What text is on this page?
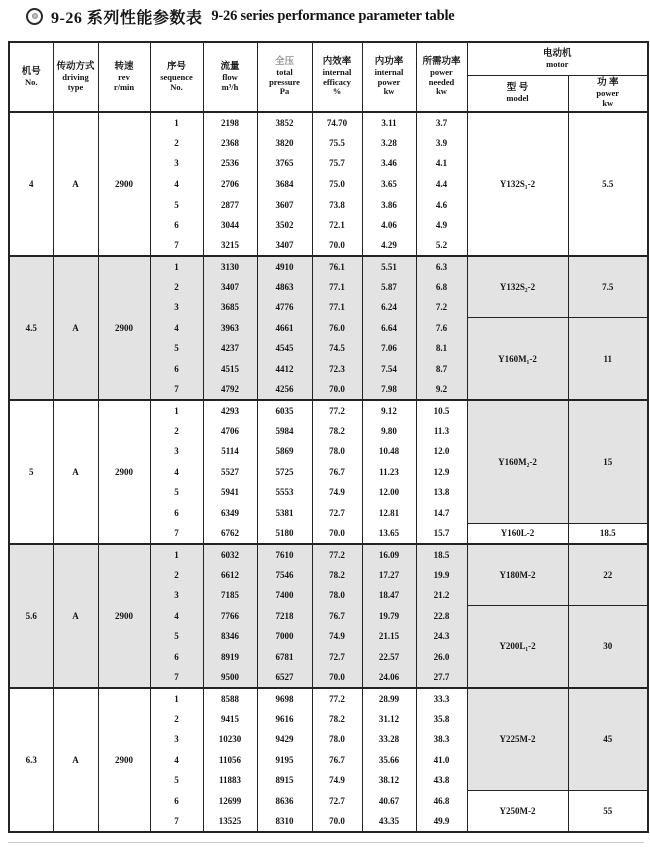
9-26 系列性能参数表 9-26 series performance parameter table
机号
No.

传动方式
driving
type

转速
rev
r/min

序号
sequence
No.

流量
flow
m³/h

全压
total
pressure
Pa

内效率
internal
efficacy
%

内功率
internal
power
kw

所需功率
power
needed
kw

电动机
motor

型 号
model

功 率
power
kw

4	A	2900	1	2198	3852	74.70	3.11	3.7	Y132S₁-2	5.5
			2	2368	3820	75.5	3.28	3.9		
			3	2536	3765	75.7	3.46	4.1		
			4	2706	3684	75.0	3.65	4.4		
			5	2877	3607	73.8	3.86	4.6		
			6	3044	3502	72.1	4.06	4.9		
			7	3215	3407	70.0	4.29	5.2		
4.5	A	2900	1	3130	4910	76.1	5.51	6.3	Y132S₂-2	7.5
			2	3407	4863	77.1	5.87	6.8		
			3	3685	4776	77.1	6.24	7.2		
			4	3963	4661	76.0	6.64	7.6	Y160M₁-2	11
			5	4237	4545	74.5	7.06	8.1		
			6	4515	4412	72.3	7.54	8.7		
			7	4792	4256	70.0	7.98	9.2		
5	A	2900	1	4293	6035	77.2	9.12	10.5	Y160M₂-2	15
			2	4706	5984	78.2	9.80	11.3		
			3	5114	5869	78.0	10.48	12.0		
			4	5527	5725	76.7	11.23	12.9		
			5	5941	5553	74.9	12.00	13.8		
			6	6349	5381	72.7	12.81	14.7		
			7	6762	5180	70.0	13.65	15.7	Y160L-2	18.5
5.6	A	2900	1	6032	7610	77.2	16.09	18.5	Y180M-2	22
			2	6612	7546	78.2	17.27	19.9		
			3	7185	7400	78.0	18.47	21.2		
			4	7766	7218	76.7	19.79	22.8	Y200L₁-2	30
			5	8346	7000	74.9	21.15	24.3		
			6	8919	6781	72.7	22.57	26.0		
			7	9500	6527	70.0	24.06	27.7		
6.3	A	2900	1	8588	9698	77.2	28.99	33.3	Y225M-2	45
			2	9415	9616	78.2	31.12	35.8		
			3	10230	9429	78.0	33.28	38.3		
			4	11056	9195	76.7	35.66	41.0		
			5	11883	8915	74.9	38.12	43.8		
			6	12699	8636	72.7	40.67	46.8	Y250M-2	55
			7	13525	8310	70.0	43.35	49.9		
